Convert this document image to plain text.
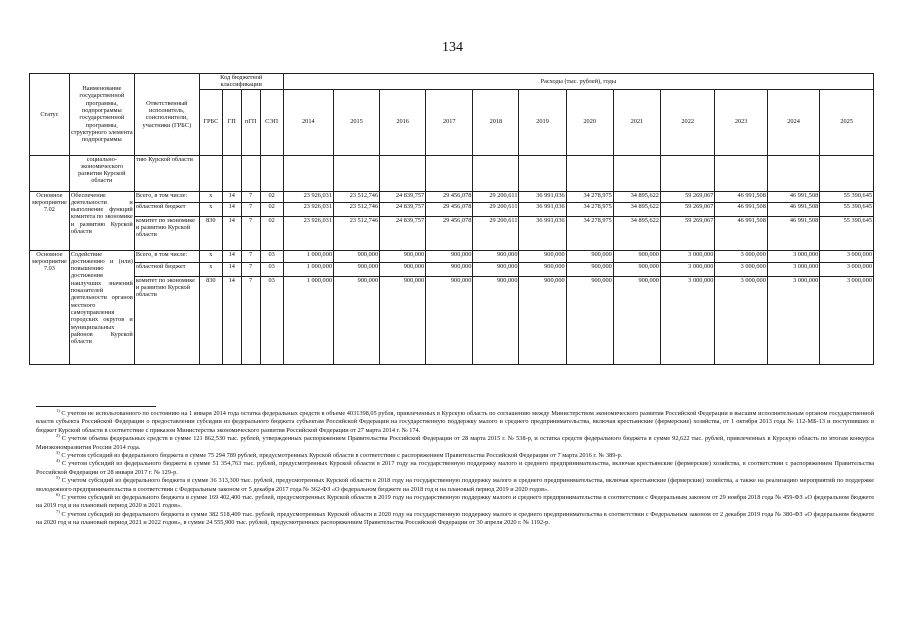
134
Статус	Наименование государственной программы, подпрограммы государственной программы, структурного элемента подпрограммы	Ответственный исполнитель, соисполнители, участники (ГРБС)	Код бюджетной классификации				Расходы (тыс. рублей), годы											
			ГРБС	ГП	пГП	СЭП	2014	2015	2016	2017	2018	2019	2020	2021	2022	2023	2024	2025
	социально-экономического развития Курской области	тию Курской области																
Основное мероприятие 7.02	Обеспечение деятельности и выполнение функций комитета по экономике и развитию Курской области	Всего, в том числе:	x	14	7	02	23 926,031	23 512,746	24 839,757	29 456,078	29 200,611	36 991,036	34 278,975	34 895,622	59 269,067	46 991,508	46 991,508	55 390,645
		областной бюджет	x	14	7	02	23 926,031	23 512,746	24 839,757	29 456,078	29 200,611	36 991,036	34 278,975	34 895,622	59 269,067	46 991,508	46 991,508	55 390,645
		комитет по экономике и развитию Курской области	830	14	7	02	23 926,031	23 512,746	24 839,757	29 456,078	29 200,611	36 991,036	34 278,975	34 895,622	59 269,067	46 991,508	46 991,508	55 390,645
Основное мероприятие 7.03	Содействие достижению и (или) повышению достижения наилучших значений показателей деятельности органов местного самоуправления городских округов и муниципальных районов Курской области	Всего, в том числе:	x	14	7	03	1 000,000	900,000	900,000	900,000	900,000	900,000	900,000	900,000	3 000,000	3 000,000	3 000,000	3 000,000
		областной бюджет	x	14	7	03	1 000,000	900,000	900,000	900,000	900,000	900,000	900,000	900,000	3 000,000	3 000,000	3 000,000	3 000,000
		комитет по экономике и развитию Курской области	830	14	7	03	1 000,000	900,000	900,000	900,000	900,000	900,000	900,000	900,000	3 000,000	3 000,000	3 000,000	3 000,000

$^{1)}$ С учетом не использованного по состоянию на 1 января 2014 года остатка федеральных средств в объеме 4031398,05 рубля, привлеченных в Курскую область по соглашению между Министерством экономического развития Российской Федерации и высшим исполнительным органом государственной власти субъекта Российской Федерации о предоставлении субсидии из федерального бюджета субъектам Российской Федерации на государственную поддержку малого и среднего предпринимательства, включая крестьянские (фермерские) хозяйства, от 1 октября 2013 года № 112-МБ-13 и поступивших в бюджет Курской области в соответствие с приказом Министерства экономического развития Российской Федерации от 27 марта 2014 г. № 174.

$^{2)}$ С учетом объема федеральных средств в сумме 121 862,530 тыс. рублей, утвержденных распоряжением Правительства Российской Федерации от 28 марта 2015 г. № 538-р, и остатка средств федерального бюджета в сумме 92,622 тыс. рублей, привлеченных в Курскую область по итогам конкурса Минэкономразвития России 2014 года.

$^{3)}$ С учетом субсидий из федерального бюджета в сумме 75 294 789 рублей, предусмотренных Курской области в соответствии с распоряжением Правительства Российской Федерации от 7 марта 2016 г. № 389-р.

$^{4)}$ С учетом субсидий из федерального бюджета в сумме 51 354,763 тыс. рублей, предусмотренных Курской области в 2017 году на государственную поддержку малого и среднего предпринимательства, включая крестьянские (фермерские) хозяйства, в соответствии с распоряжением Правительства Российской Федерации от 28 января 2017 г. № 129-р.

$^{5)}$ С учетом субсидий из федерального бюджета в сумме 36 313,300 тыс. рублей, предусмотренных Курской области в 2018 году на государственную поддержку малого и среднего предпринимательства, включая крестьянские (фермерские) хозяйства, а также на реализацию мероприятий по поддержке молодежного предпринимательства в соответствии с Федеральным законом от 5 декабря 2017 года № 362-ФЗ «О федеральном бюджете на 2018 год и на плановый период 2019 и 2020 годов».

$^{6)}$ С учетом субсидий из федерального бюджета в сумме 169 402,400 тыс. рублей, предусмотренных Курской области в 2019 году на государственную поддержку малого и среднего предпринимательства в соответствии с Федеральным законом от 29 ноября 2018 года № 459-ФЗ «О федеральном бюджете на 2019 год и на плановый период 2020 и 2021 годов».

$^{7)}$ С учетом субсидий из федерального бюджета в сумме 382 518,400 тыс. рублей, предусмотренных Курской области в 2020 году на государственную поддержку малого и среднего предпринимательства в соответствии с Федеральным законом от 2 декабря 2019 года № 380-ФЗ «О федеральном бюджете на 2020 год и на плановый период 2021 и 2022 годов», в сумме 24 555,900 тыс. рублей, предусмотренных распоряжением Правительства Российской Федерации от 30 апреля 2020 г. № 1192-р.
